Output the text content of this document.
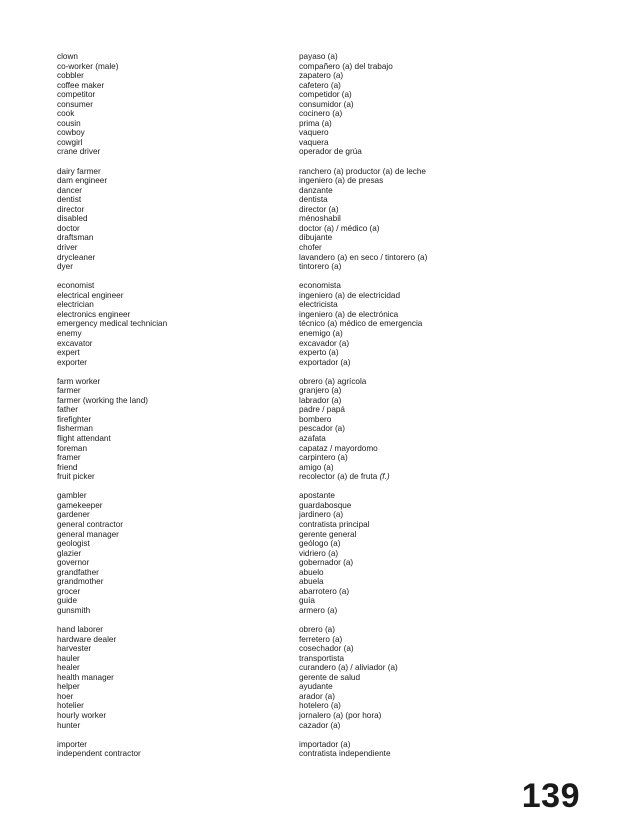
clown
co-worker (male)
cobbler
coffee maker
competitor
consumer
cook
cousin
cowboy
cowgirl
crane driver
dairy farmer
dam engineer
dancer
dentist
director
disabled
doctor
draftsman
driver
drycleaner
dyer
economist
electrical engineer
electrician
electronics engineer
emergency medical technician
enemy
excavator
expert
exporter
farm worker
farmer
farmer (working the land)
father
firefighter
fisherman
flight attendant
foreman
framer
friend
fruit picker
gambler
gamekeeper
gardener
general contractor
general manager
geologist
glazier
governor
grandfather
grandmother
grocer
guide
gunsmith
hand laborer
hardware dealer
harvester
hauler
healer
health manager
helper
hoer
hotelier
hourly worker
hunter
importer
independent contractor
payaso (a)
compañero (a) del trabajo
zapatero (a)
cafetero (a)
competidor (a)
consumidor (a)
cocinero (a)
prima (a)
vaquero
vaquera
operador de grúa
ranchero (a) productor (a) de leche
ingeniero (a) de presas
danzante
dentista
director (a)
ménoshabil
doctor (a) / médico (a)
dibujante
chofer
lavandero (a) en seco / tintorero (a)
tintorero (a)
economista
ingeniero (a) de electricidad
electricista
ingeniero (a) de electrónica
técnico (a) médico de emergencia
enemigo (a)
excavador (a)
experto (a)
exportador (a)
obrero (a) agrícola
granjero (a)
labrador (a)
padre / papá
bombero
pescador (a)
azafata
capataz / mayordomo
carpintero (a)
amigo (a)
recolector (a) de fruta (f.)
apostante
guardabosque
jardinero (a)
contratista principal
gerente general
geólogo (a)
vidriero (a)
gobernador (a)
abuelo
abuela
abarrotero (a)
guía
armero (a)
obrero (a)
ferretero (a)
cosechador (a)
transportista
curandero (a) / aliviador (a)
gerente de salud
ayudante
arador (a)
hotelero (a)
jornalero (a) (por hora)
cazador (a)
importador (a)
contratista independiente
139
